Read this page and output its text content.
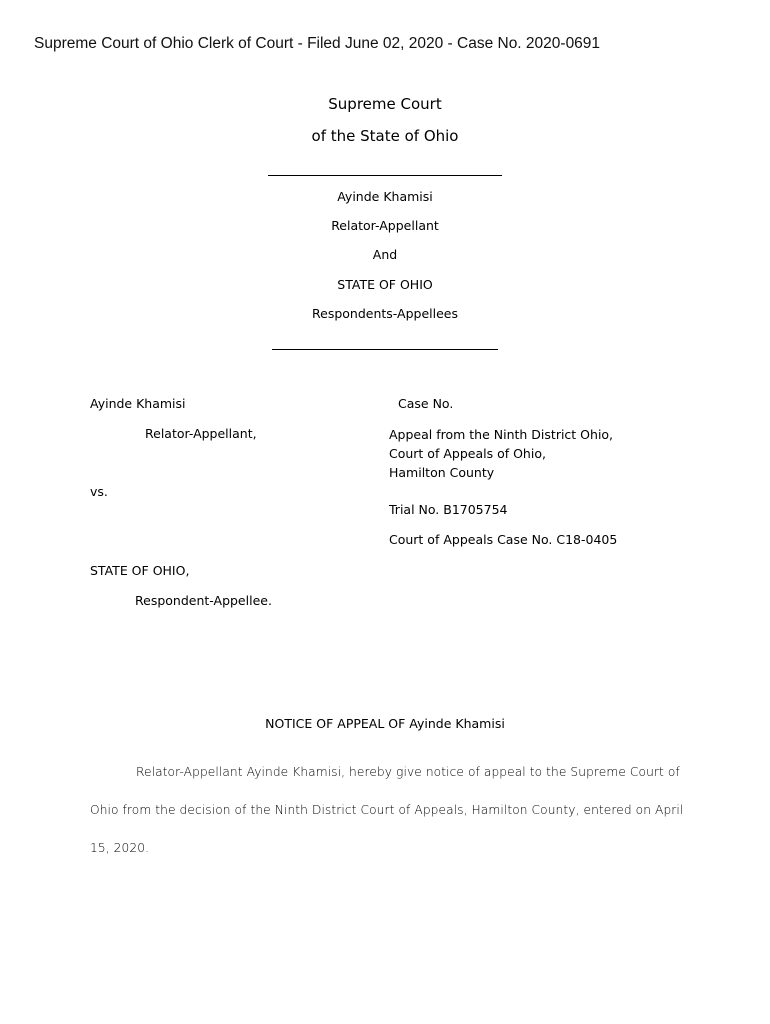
Supreme Court of Ohio Clerk of Court - Filed June 02, 2020 - Case No. 2020-0691
Supreme Court
of the State of Ohio
Ayinde Khamisi
Relator-Appellant
And
STATE OF OHIO
Respondents-Appellees
Ayinde Khamisi
Relator-Appellant,
vs.
STATE OF OHIO,
Respondent-Appellee.
Case No.
Appeal from the Ninth District Ohio,
Court of Appeals of Ohio,
Hamilton County
Trial No. B1705754
Court of Appeals Case No. C18-0405
NOTICE OF APPEAL OF Ayinde Khamisi
Relator-Appellant Ayinde Khamisi, hereby give notice of appeal to the Supreme Court of
Ohio from the decision of the Ninth District Court of Appeals, Hamilton County, entered on April
15, 2020.
